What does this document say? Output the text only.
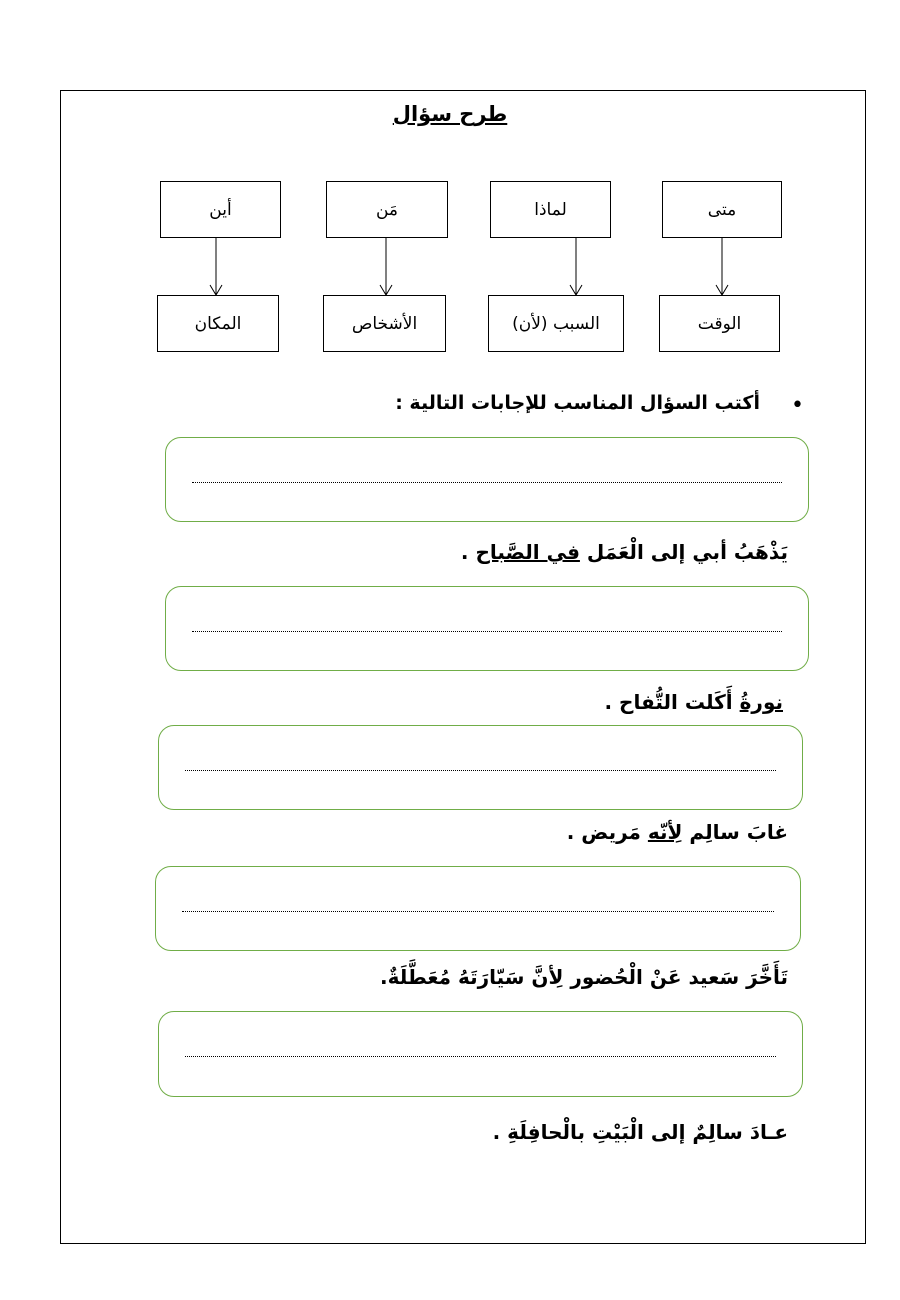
طرح سؤال
متى
لماذا
مَن
أين
الوقت
السبب (لأن)
الأشخاص
المكان
•
أكتب السؤال المناسب للإجابات التالية :
يَذْهَبُ أبي إلى الْعَمَل في الصَّباح .
نورةُ أَكَلت التُّفاح .
غابَ سالِم لِأنّه مَريض .
تَأَخَّرَ سَعيد عَنْ الْحُضور لِأنَّ سَيّارَتَهُ مُعَطَّلَةٌ.
عـادَ سالِمٌ إلى الْبَيْتِ بالْحافِلَةِ .
